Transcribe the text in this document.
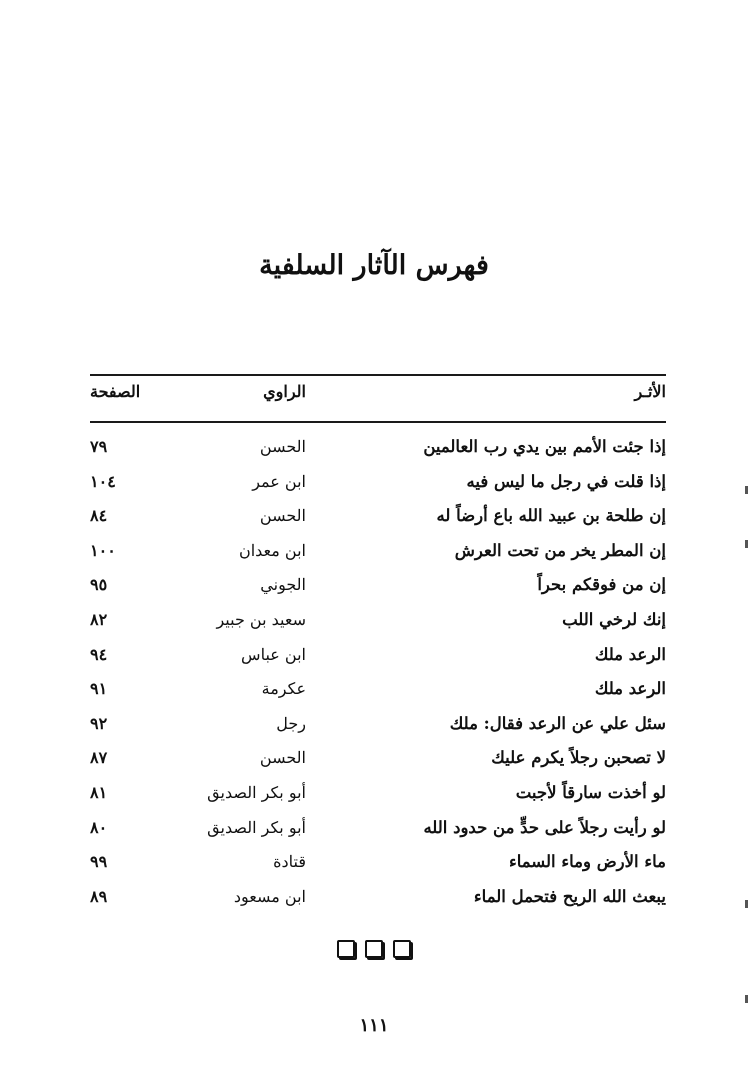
فهرس الآثار السلفية
الأثـر
الراوي
الصفحة
إذا جئت الأمم بين يدي رب العالمين
الحسن
٧٩
إذا قلت في رجل ما ليس فيه
ابن عمر
١٠٤
إن طلحة بن عبيد الله باع أرضاً له
الحسن
٨٤
إن المطر يخر من تحت العرش
ابن معدان
١٠٠
إن من فوقكم بحراً
الجوني
٩٥
إنك لرخي اللب
سعيد بن جبير
٨٢
الرعد ملك
ابن عباس
٩٤
الرعد ملك
عكرمة
٩١
سئل علي عن الرعد فقال: ملك
رجل
٩٢
لا تصحبن رجلاً يكرم عليك
الحسن
٨٧
لو أخذت سارقاً لأجبت
أبو بكر الصديق
٨١
لو رأيت رجلاً على حدٍّ من حدود الله
أبو بكر الصديق
٨٠
ماء الأرض وماء السماء
قتادة
٩٩
يبعث الله الريح فتحمل الماء
ابن مسعود
٨٩

١١١
